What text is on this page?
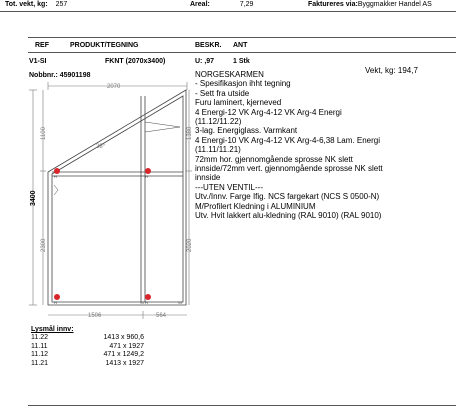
Tot. vekt, kg: 257	Areal:	7,29	Faktureres via:Byggmakker Handel AS
REF	PRODUKT/TEGNING	BESKR. ANT
V1-SI	FKNT (2070x3400)	U: ,97	1 Stk
Vekt, kg: 194,7
Nobbnr.: 45901198	NORGESKARMEN
- Spesifikasjon ihht tegning
- Sett fra utside
Furu laminert, kjerneved
4 Energi-12 VK Arg-4-12 VK Arg-4 Energi
(11.12/11.22)
3-lag. Energiglass. Varmkant
4 Energi-10 VK Arg-4-12 VK Arg-4-6,38 Lam. Energi
(11.11/11.21)
72mm hor. gjennomgående sprosse NK slett
innside/72mm vert. gjennomgående sprosse NK slett
innside
---UTEN VENTIL---
Utv./Innv. Farge Ifig. NCS fargekart (NCS S 0500-N)
M/Profilert Kledning i ALUMINIUM
Utv. Hvit lakkert alu-kledning (RAL 9010) (RAL 9010)
H	H
H	H
ST	ST
2070
28°
1506	564
1100
2300
1380
2020
3400
Lysmål innv:
11.22	1413 x 960,6
11.11	471 x 1927
11.12	471 x 1249,2
11.21	1413 x 1927
